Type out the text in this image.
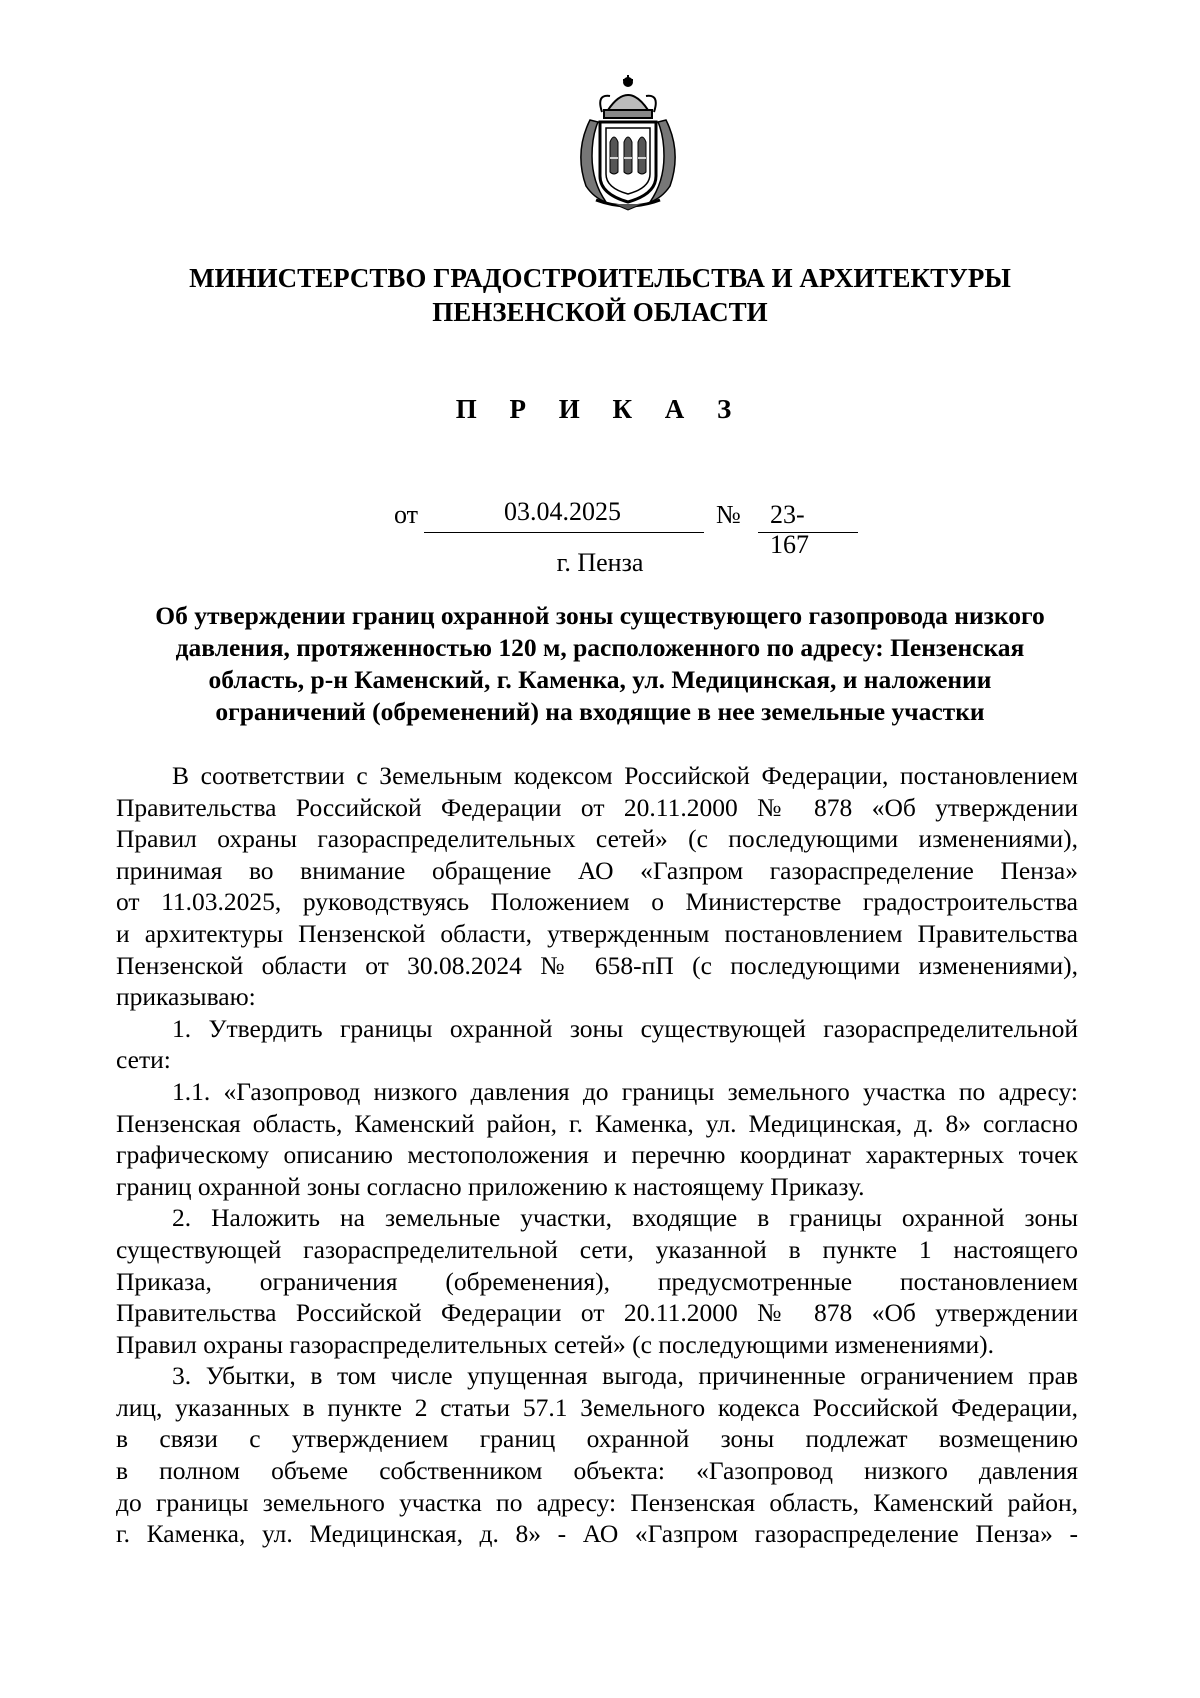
МИНИСТЕРСТВО ГРАДОСТРОИТЕЛЬСТВА И АРХИТЕКТУРЫ
ПЕНЗЕНСКОЙ ОБЛАСТИ
П Р И К А З
от	03.04.2025	№ 23-167
г. Пенза
Об утверждении границ охранной зоны существующего газопровода низкого
давления, протяженностью 120 м, расположенного по адресу: Пензенская
область, р-н Каменский, г. Каменка, ул. Медицинская, и наложении
ограничений (обременений) на входящие в нее земельные участки
В соответствии с Земельным кодексом Российской Федерации, постановлением
Правительства Российской Федерации от 20.11.2000 № 878 «Об утверждении
Правил охраны газораспределительных сетей» (с последующими изменениями),
принимая во внимание обращение АО «Газпром газораспределение Пенза»
от 11.03.2025, руководствуясь Положением о Министерстве градостроительства
и архитектуры Пензенской области, утвержденным постановлением Правительства
Пензенской области от 30.08.2024 № 658-пП (с последующими изменениями),
приказываю:
1. Утвердить границы охранной зоны существующей газораспределительной
сети:
1.1. «Газопровод низкого давления до границы земельного участка по адресу:
Пензенская область, Каменский район, г. Каменка, ул. Медицинская, д. 8» согласно
графическому описанию местоположения и перечню координат характерных точек
границ охранной зоны согласно приложению к настоящему Приказу.
2. Наложить на земельные участки, входящие в границы охранной зоны
существующей газораспределительной сети, указанной в пункте 1 настоящего
Приказа, ограничения (обременения), предусмотренные постановлением
Правительства Российской Федерации от 20.11.2000 № 878 «Об утверждении
Правил охраны газораспределительных сетей» (с последующими изменениями).
3. Убытки, в том числе упущенная выгода, причиненные ограничением прав
лиц, указанных в пункте 2 статьи 57.1 Земельного кодекса Российской Федерации,
в связи с утверждением границ охранной зоны подлежат возмещению
в полном объеме собственником объекта: «Газопровод низкого давления
до границы земельного участка по адресу: Пензенская область, Каменский район,
г. Каменка, ул. Медицинская, д. 8» - АО «Газпром газораспределение Пенза» -
